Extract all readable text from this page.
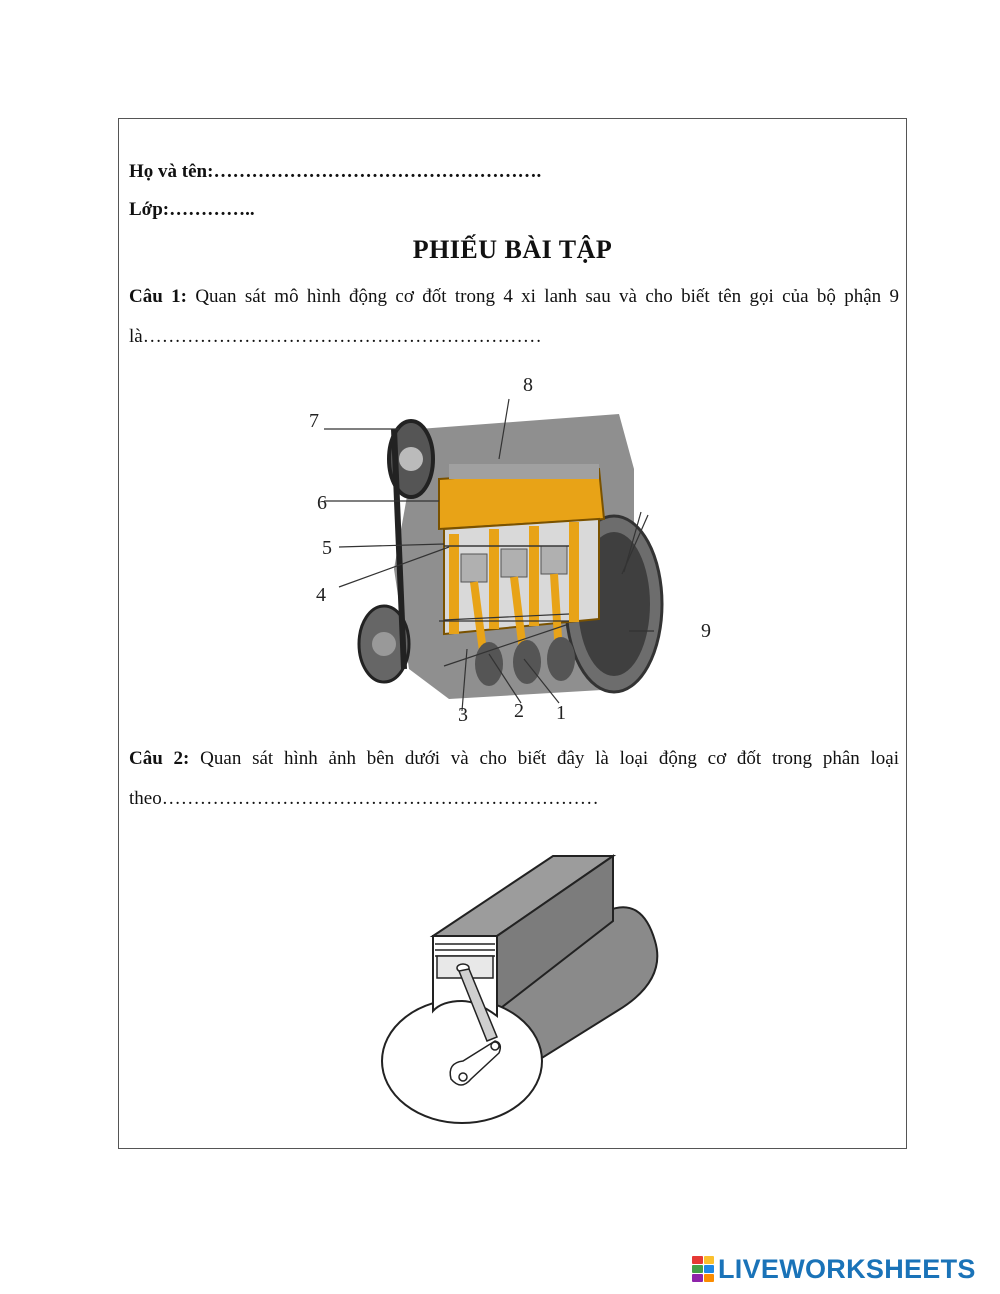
Họ và tên:…………………………………………….
Lớp:…………..
PHIẾU BÀI TẬP
Câu 1: Quan sát mô hình động cơ đốt trong 4 xi lanh sau và cho biết tên gọi của bộ phận 9 là………………………………………………………
8
7
6
5
4
9
3 2 1
Câu 2: Quan sát hình ảnh bên dưới và cho biết đây là loại động cơ đốt trong phân loại theo……………………………………………………………
LIVEWORKSHEETS
